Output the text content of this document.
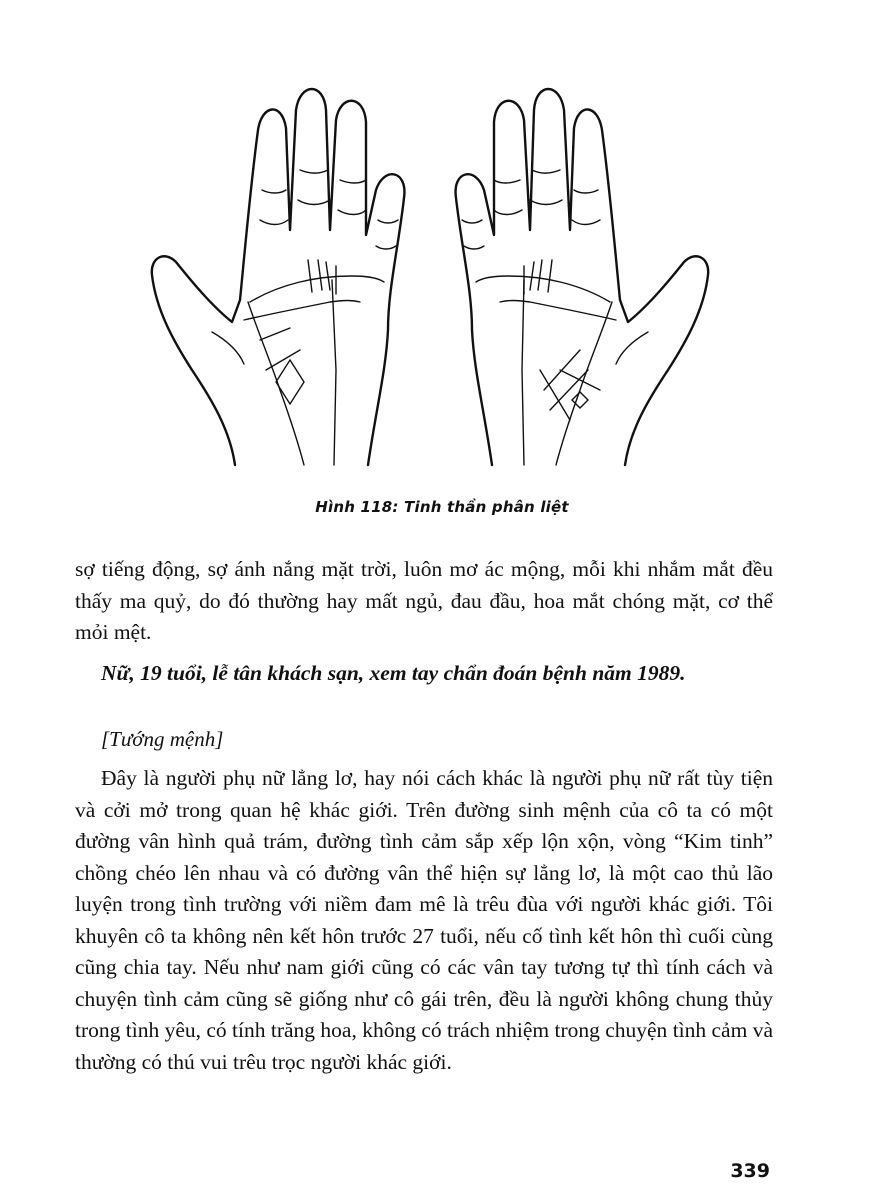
Hình 118: Tinh thần phân liệt
sợ tiếng động, sợ ánh nắng mặt trời, luôn mơ ác mộng, mỗi khi nhắm mắt đều thấy ma quỷ, do đó thường hay mất ngủ, đau đầu, hoa mắt chóng mặt, cơ thể mỏi mệt.
Nữ, 19 tuổi, lễ tân khách sạn, xem tay chẩn đoán bệnh năm 1989.
[Tướng mệnh]
Đây là người phụ nữ lẳng lơ, hay nói cách khác là người phụ nữ rất tùy tiện và cởi mở trong quan hệ khác giới. Trên đường sinh mệnh của cô ta có một đường vân hình quả trám, đường tình cảm sắp xếp lộn xộn, vòng “Kim tinh” chồng chéo lên nhau và có đường vân thể hiện sự lẳng lơ, là một cao thủ lão luyện trong tình trường với niềm đam mê là trêu đùa với người khác giới. Tôi khuyên cô ta không nên kết hôn trước 27 tuổi, nếu cố tình kết hôn thì cuối cùng cũng chia tay. Nếu như nam giới cũng có các vân tay tương tự thì tính cách và chuyện tình cảm cũng sẽ giống như cô gái trên, đều là người không chung thủy trong tình yêu, có tính trăng hoa, không có trách nhiệm trong chuyện tình cảm và thường có thú vui trêu trọc người khác giới.
339
